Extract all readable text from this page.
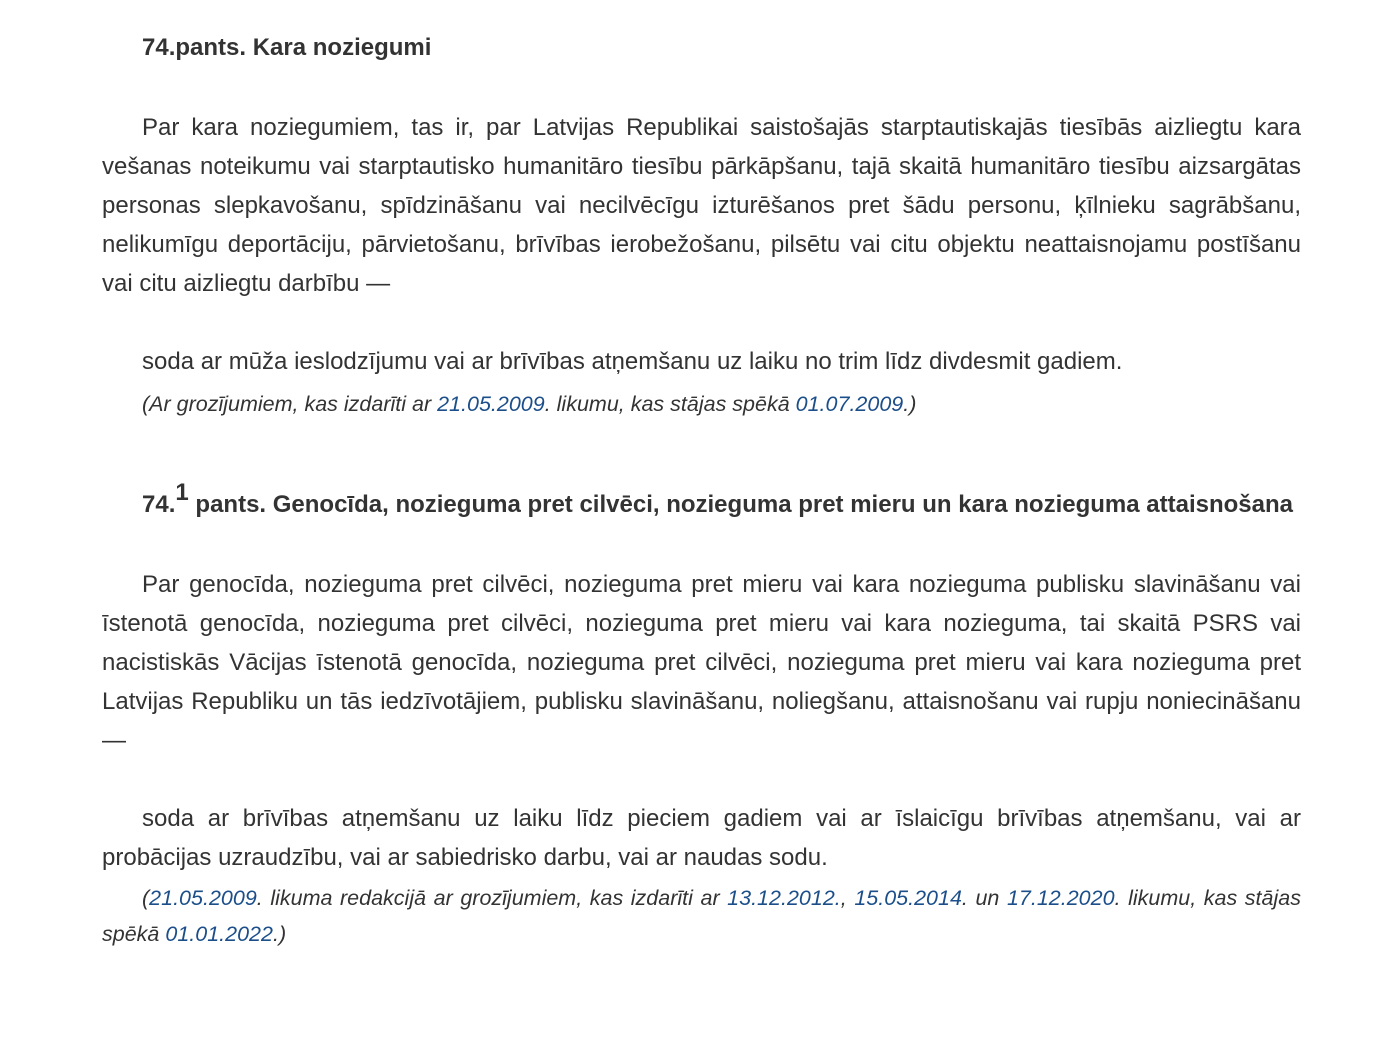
74.pants. Kara noziegumi

Par kara noziegumiem, tas ir, par Latvijas Republikai saistošajās starptautiskajās tiesībās aizliegtu kara vešanas noteikumu vai starptautisko humanitāro tiesību pārkāpšanu, tajā skaitā humanitāro tiesību aizsargātas personas slepkavošanu, spīdzināšanu vai necilvēcīgu izturēšanos pret šādu personu, ķīlnieku sagrābšanu, nelikumīgu deportāciju, pārvietošanu, brīvības ierobežošanu, pilsētu vai citu objektu neattaisnojamu postīšanu vai citu aizliegtu darbību —

soda ar mūža ieslodzījumu vai ar brīvības atņemšanu uz laiku no trim līdz divdesmit gadiem.

(Ar grozījumiem, kas izdarīti ar 21.05.2009. likumu, kas stājas spēkā 01.07.2009.)

74.$^1$ pants. Genocīda, nozieguma pret cilvēci, nozieguma pret mieru un kara nozieguma attaisnošana

Par genocīda, nozieguma pret cilvēci, nozieguma pret mieru vai kara nozieguma publisku slavināšanu vai īstenotā genocīda, nozieguma pret cilvēci, nozieguma pret mieru vai kara nozieguma, tai skaitā PSRS vai nacistiskās Vācijas īstenotā genocīda, nozieguma pret cilvēci, nozieguma pret mieru vai kara nozieguma pret Latvijas Republiku un tās iedzīvotājiem, publisku slavināšanu, noliegšanu, attaisnošanu vai rupju noniecināšanu —

soda ar brīvības atņemšanu uz laiku līdz pieciem gadiem vai ar īslaicīgu brīvības atņemšanu, vai ar probācijas uzraudzību, vai ar sabiedrisko darbu, vai ar naudas sodu.

(21.05.2009. likuma redakcijā ar grozījumiem, kas izdarīti ar 13.12.2012., 15.05.2014. un 17.12.2020. likumu, kas stājas spēkā 01.01.2022.)
